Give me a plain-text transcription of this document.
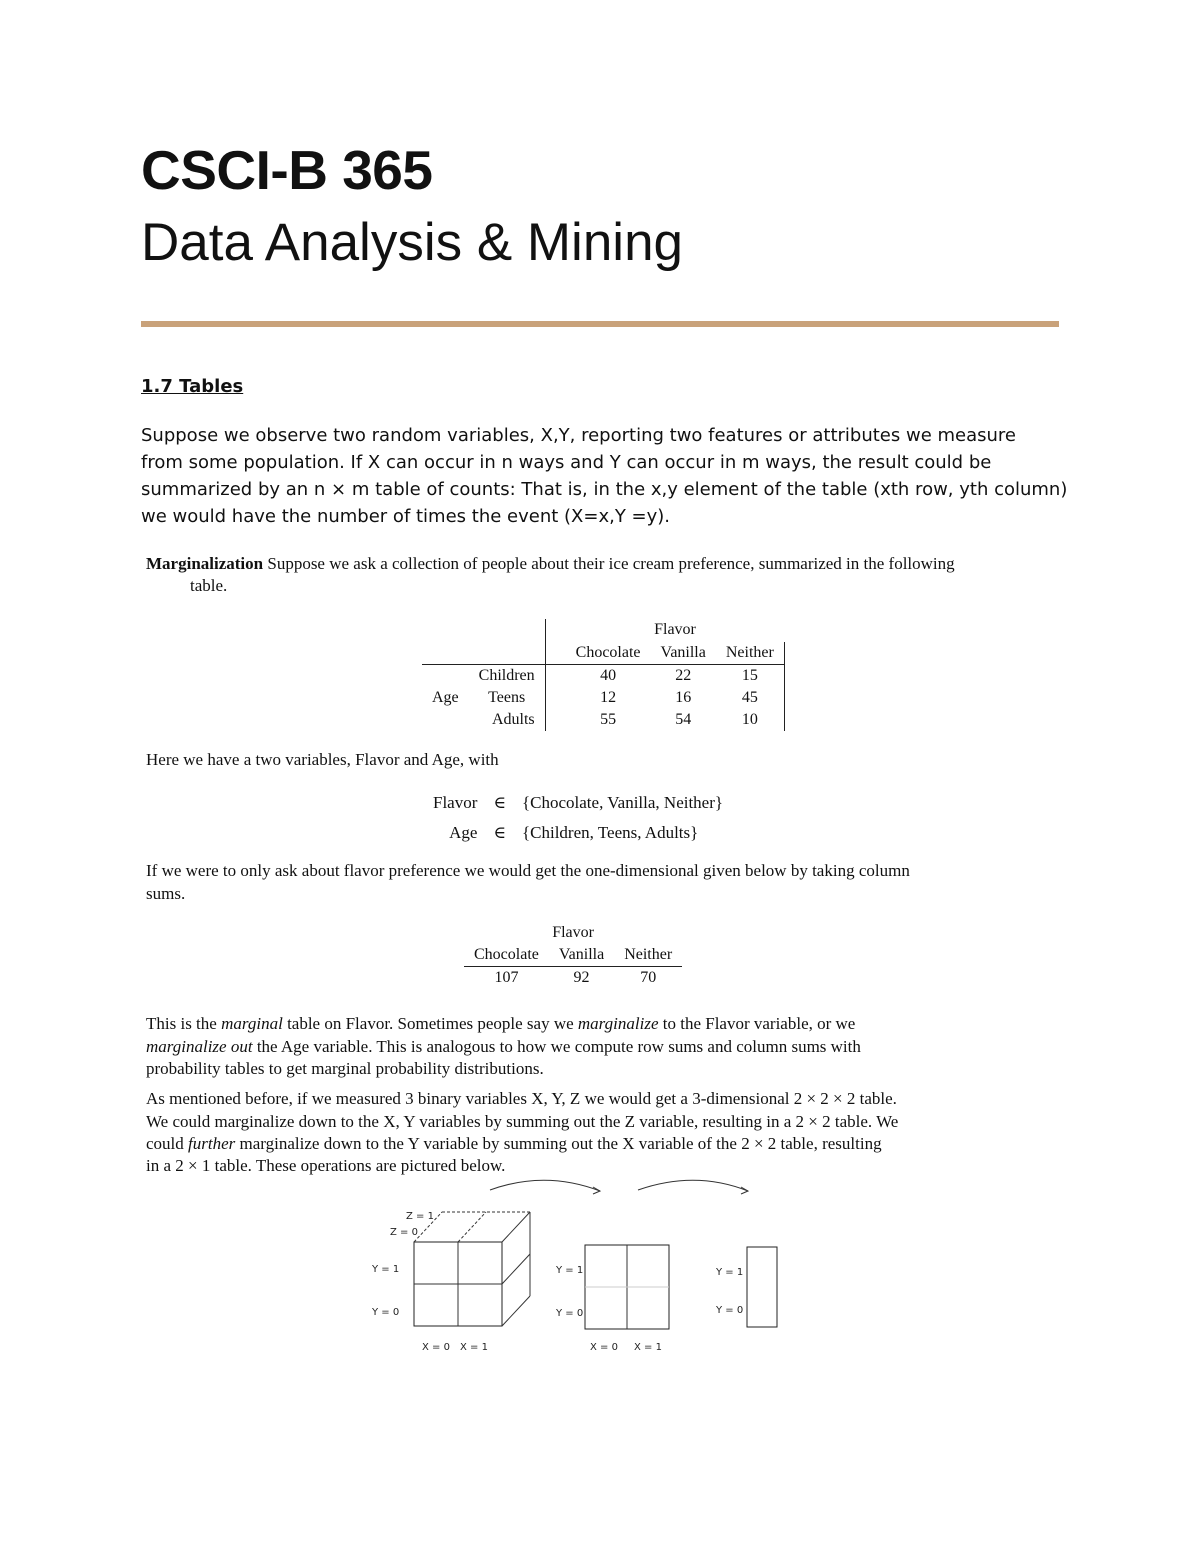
CSCI-B 365
Data Analysis & Mining
1.7 Tables
Suppose we observe two random variables, X,Y, reporting two features or attributes we measure
from some population. If X can occur in n ways and Y can occur in m ways, the result could be
summarized by an n × m table of counts: That is, in the x,y element of the table (xth row, yth column)
we would have the number of times the event (X=x,Y =y).
Marginalization Suppose we ask a collection of people about their ice cream preference, summarized in the following
table.
			Flavor		
			Chocolate	Vanilla	Neither
	Children		40	22	15
Age	Teens		12	16	45
	Adults		55	54	10
Here we have a two variables, Flavor and Age, with
Flavor	∈	{Chocolate, Vanilla, Neither}
Age	∈	{Children, Teens, Adults}
If we were to only ask about flavor preference we would get the one-dimensional given below by taking column
sums.
Flavor		
Chocolate	Vanilla	Neither
107	92	70
This is the marginal table on Flavor. Sometimes people say we marginalize to the Flavor variable, or we
marginalize out the Age variable. This is analogous to how we compute row sums and column sums with
probability tables to get marginal probability distributions.
As mentioned before, if we measured 3 binary variables X, Y, Z we would get a 3-dimensional 2 × 2 × 2 table.
We could marginalize down to the X, Y variables by summing out the Z variable, resulting in a 2 × 2 table. We
could further marginalize down to the Y variable by summing out the X variable of the 2 × 2 table, resulting
in a 2 × 1 table. These operations are pictured below.
Z = 1
Z = 0
Y = 1
Y = 0
X = 0 X = 1
Y = 1
Y = 0
X = 0 X = 1
Y = 1
Y = 0
